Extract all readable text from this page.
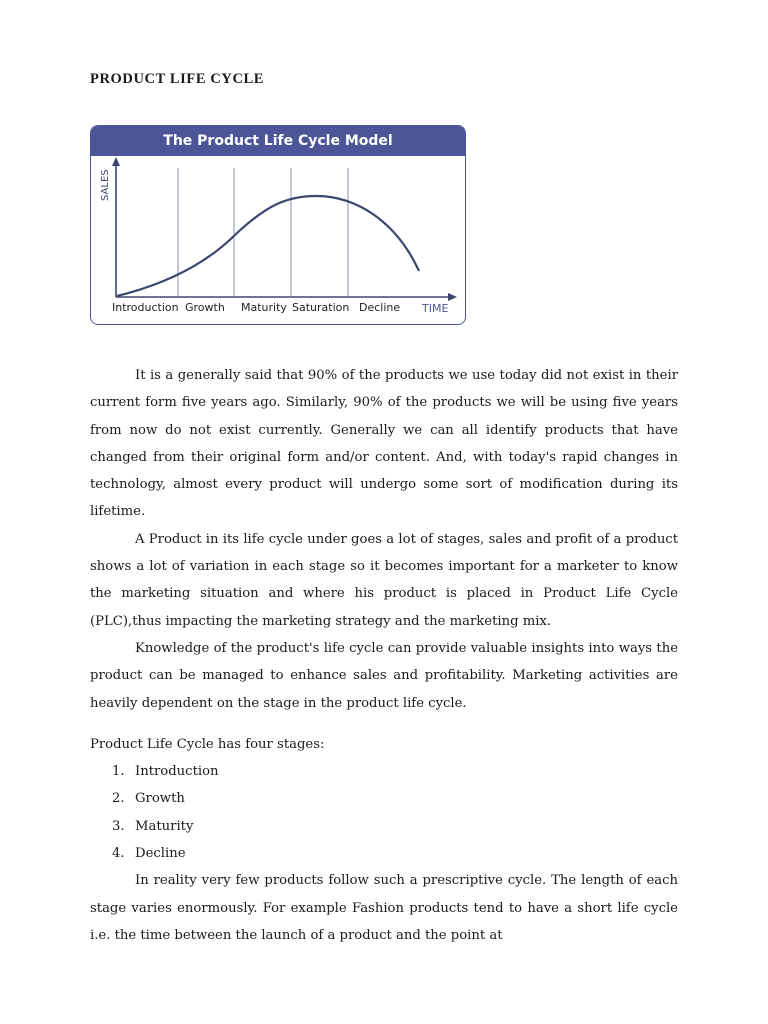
PRODUCT LIFE CYCLE
The Product Life Cycle Model
SALES
Introduction Growth Maturity Saturation Decline TIME

It is a generally said that 90% of the products we use today did not exist in their current form five years ago. Similarly, 90% of the products we will be using five years from now do not exist currently. Generally we can all identify products that have changed from their original form and/or content. And, with today's rapid changes in technology, almost every product will undergo some sort of modification during its lifetime.

A Product in its life cycle under goes a lot of stages, sales and profit of a product shows a lot of variation in each stage so it becomes important for a marketer to know the marketing situation and where his product is placed in Product Life Cycle (PLC),thus impacting the marketing strategy and the marketing mix.

Knowledge of the product's life cycle can provide valuable insights into ways the product can be managed to enhance sales and profitability. Marketing activities are heavily dependent on the stage in the product life cycle.

Product Life Cycle has four stages:

1. Introduction
2. Growth
3. Maturity
4. Decline

In reality very few products follow such a prescriptive cycle. The length of each stage varies enormously. For example Fashion products tend to have a short life cycle i.e. the time between the launch of a product and the point at
